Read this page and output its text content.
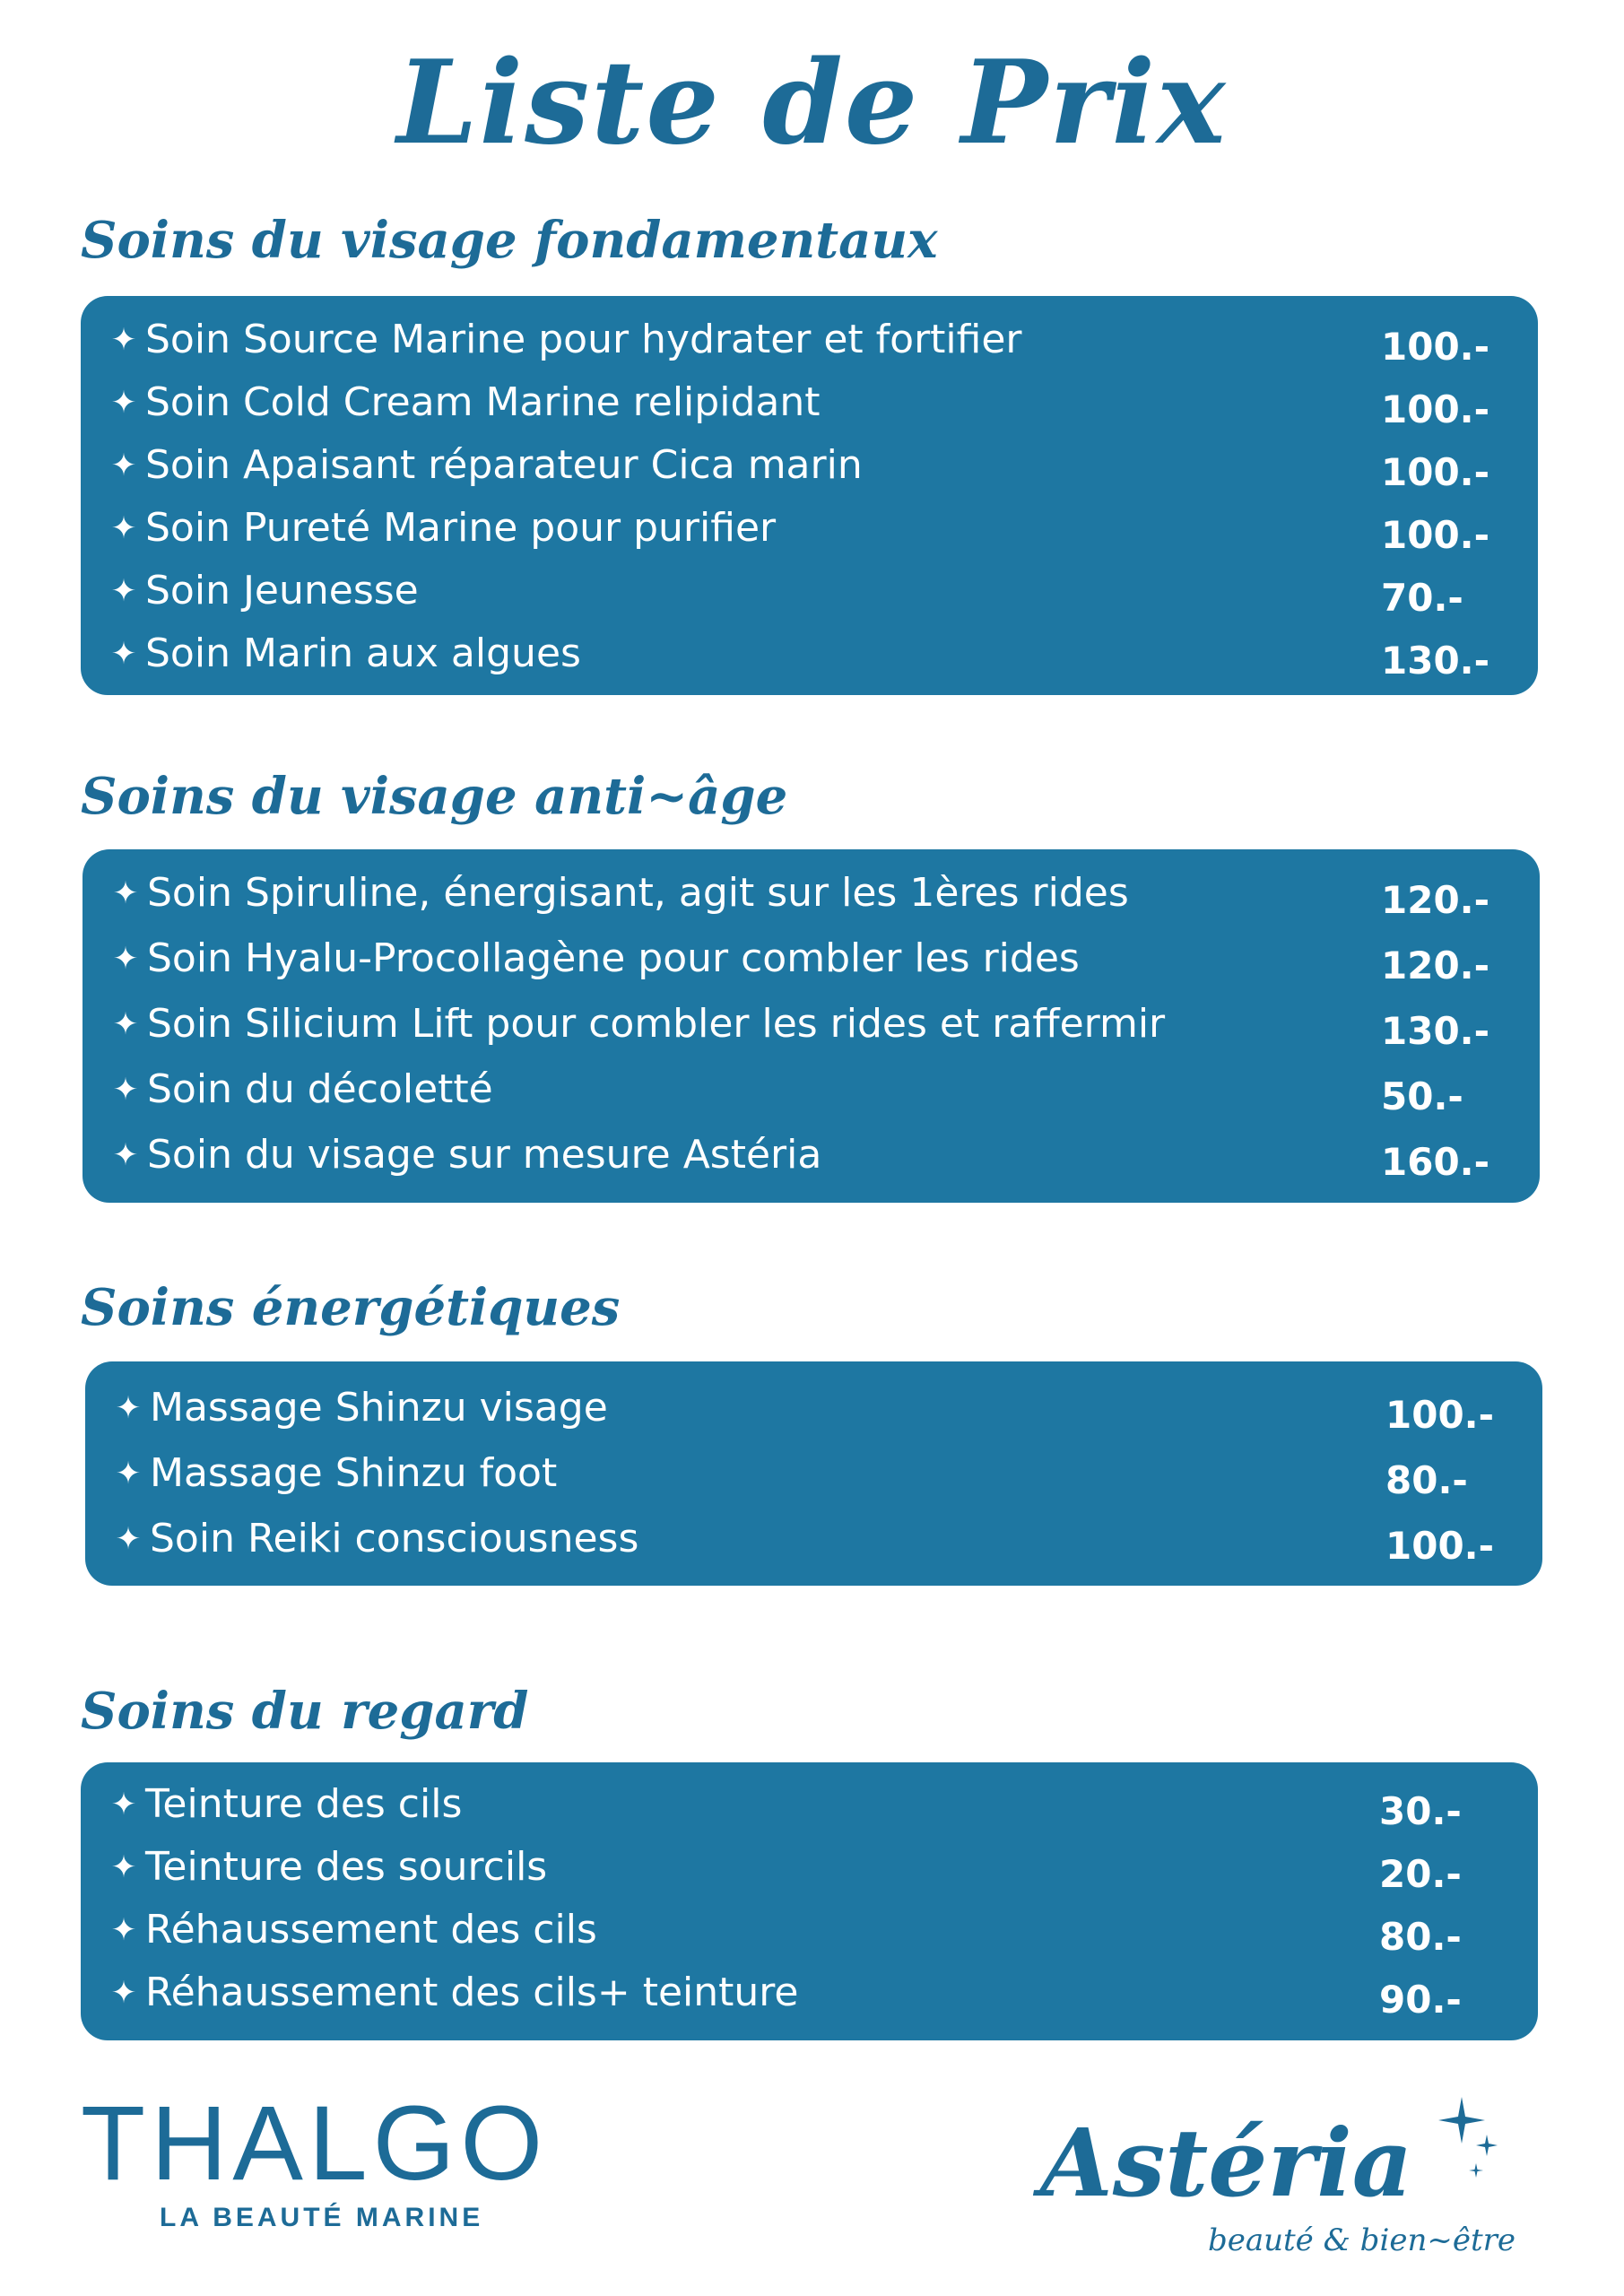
Liste de Prix
Soins du visage fondamentaux
✦ Soin Source Marine pour hydrater et fortifier	100.-
✦ Soin Cold Cream Marine relipidant	100.-
✦ Soin Apaisant réparateur Cica marin	100.-
✦ Soin Pureté Marine pour purifier	100.-
✦ Soin Jeunesse	70.-
✦ Soin Marin aux algues	130.-
Soins du visage anti~âge
✦ Soin Spiruline, énergisant, agit sur les 1ères rides	120.-
✦ Soin Hyalu-Procollagène pour combler les rides	120.-
✦ Soin Silicium Lift pour combler les rides et raffermir	130.-
✦ Soin du décoletté	50.-
✦ Soin du visage sur mesure Astéria	160.-
Soins énergétiques
✦ Massage Shinzu visage	100.-
✦ Massage Shinzu foot	80.-
✦ Soin Reiki consciousness	100.-
Soins du regard
✦ Teinture des cils	30.-
✦ Teinture des sourcils	20.-
✦ Réhaussement des cils	80.-
✦ Réhaussement des cils+ teinture	90.-
THALGO
LA BEAUTÉ MARINE	Astéria
beauté & bien~être
